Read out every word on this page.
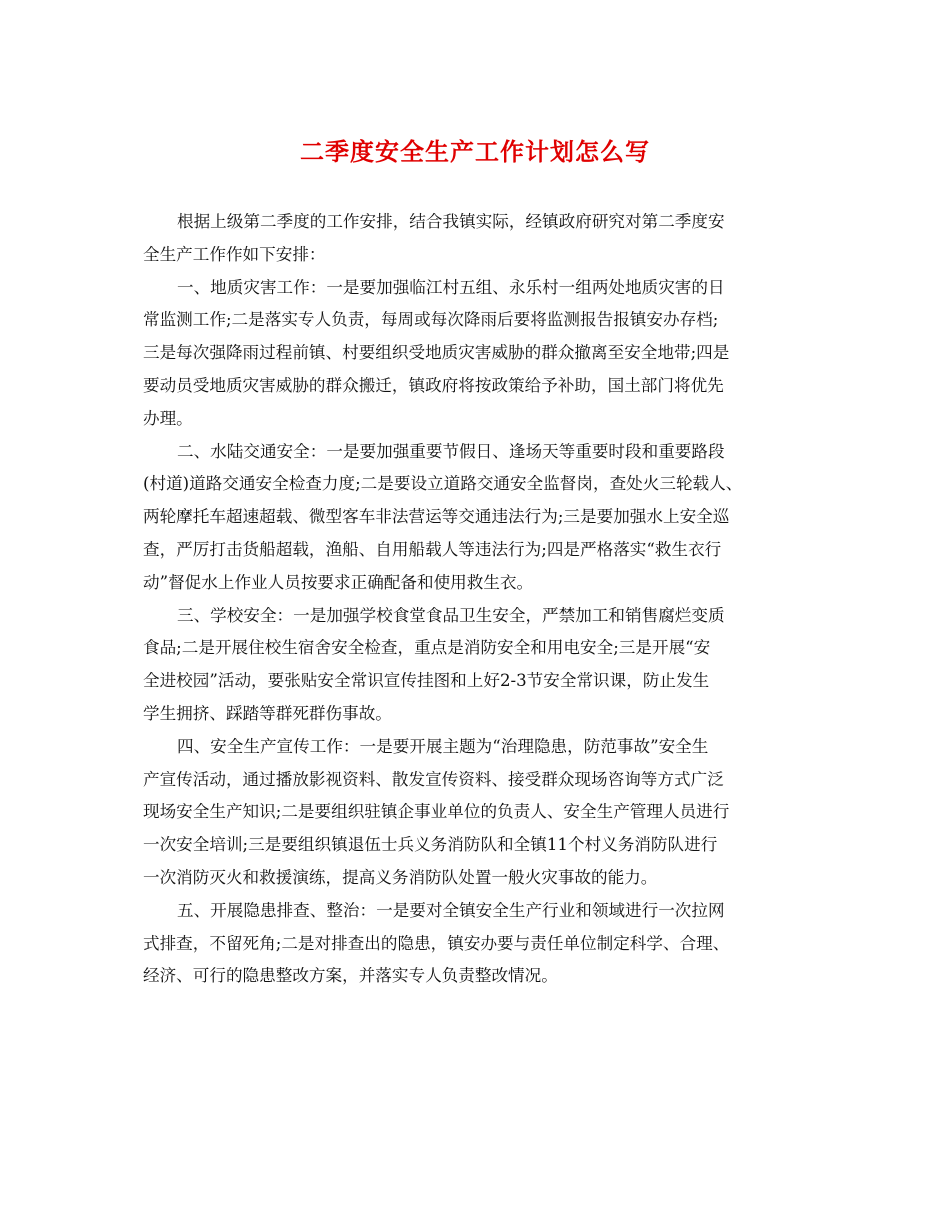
二季度安全生产工作计划怎么写
根据上级第二季度的工作安排，结合我镇实际，经镇政府研究对第二季度安
全生产工作作如下安排：
一、地质灾害工作：一是要加强临江村五组、永乐村一组两处地质灾害的日
常监测工作;二是落实专人负责，每周或每次降雨后要将监测报告报镇安办存档;
三是每次强降雨过程前镇、村要组织受地质灾害威胁的群众撤离至安全地带;四是
要动员受地质灾害威胁的群众搬迁，镇政府将按政策给予补助，国土部门将优先
办理。
二、水陆交通安全：一是要加强重要节假日、逢场天等重要时段和重要路段
(村道)道路交通安全检查力度;二是要设立道路交通安全监督岗，查处火三轮载人、
两轮摩托车超速超载、微型客车非法营运等交通违法行为;三是要加强水上安全巡
查，严厉打击货船超载，渔船、自用船载人等违法行为;四是严格落实“救生衣行
动”督促水上作业人员按要求正确配备和使用救生衣。
三、学校安全：一是加强学校食堂食品卫生安全，严禁加工和销售腐烂变质
食品;二是开展住校生宿舍安全检查，重点是消防安全和用电安全;三是开展“安
全进校园”活动，要张贴安全常识宣传挂图和上好2-3节安全常识课，防止发生
学生拥挤、踩踏等群死群伤事故。
四、安全生产宣传工作：一是要开展主题为“治理隐患，防范事故”安全生
产宣传活动，通过播放影视资料、散发宣传资料、接受群众现场咨询等方式广泛
现场安全生产知识;二是要组织驻镇企事业单位的负责人、安全生产管理人员进行
一次安全培训;三是要组织镇退伍士兵义务消防队和全镇11个村义务消防队进行
一次消防灭火和救援演练，提高义务消防队处置一般火灾事故的能力。
五、开展隐患排查、整治：一是要对全镇安全生产行业和领域进行一次拉网
式排查，不留死角;二是对排查出的隐患，镇安办要与责任单位制定科学、合理、
经济、可行的隐患整改方案，并落实专人负责整改情况。
